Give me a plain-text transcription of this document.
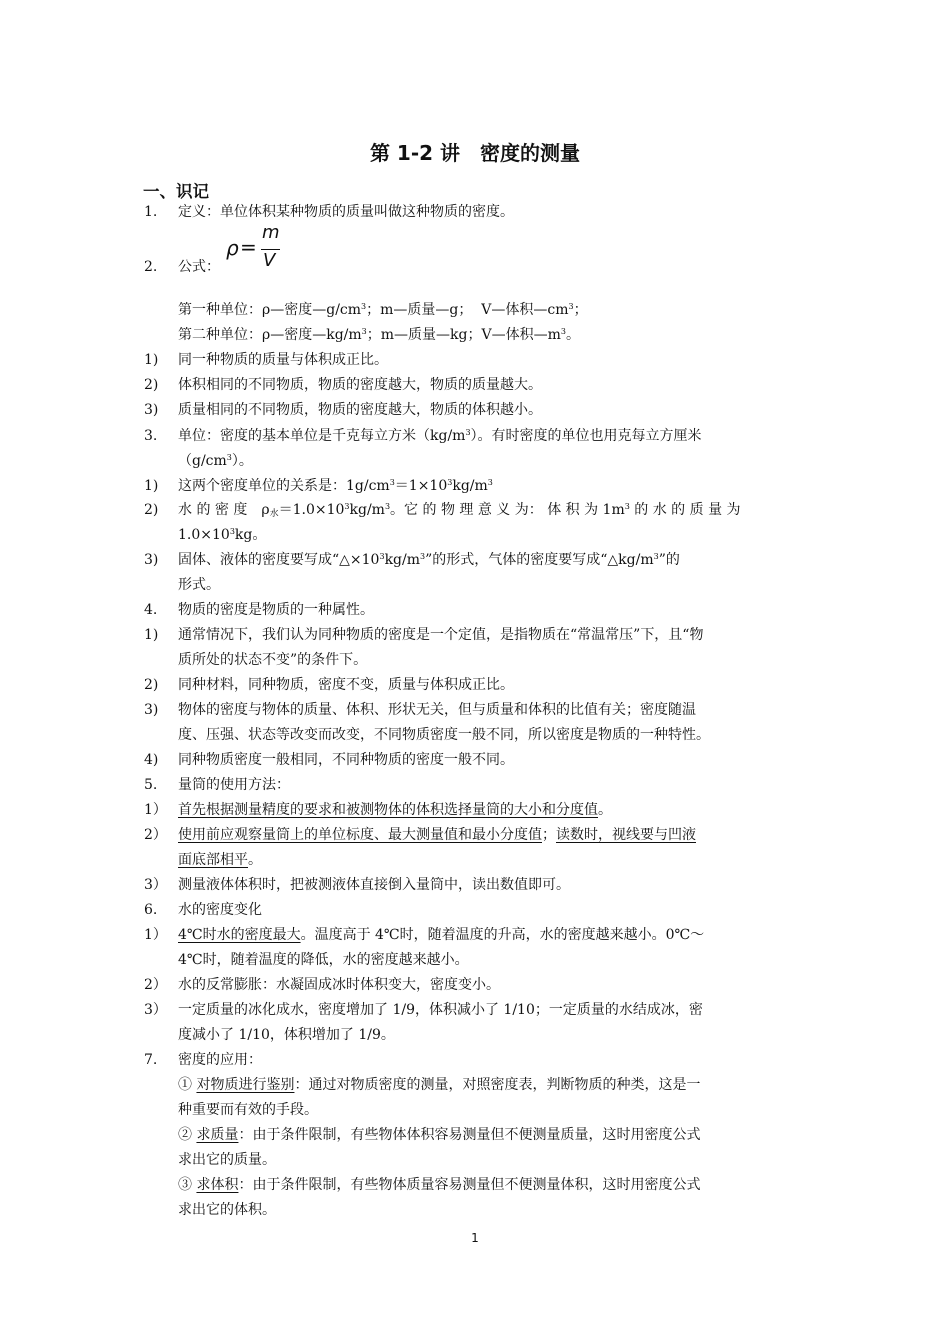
第 1-2 讲　密度的测量
一、识记
1. 定义：单位体积某种物质的质量叫做这种物质的密度。
2. 公式：
ρ =
m
V
第一种单位：ρ—密度$—g/cm^3$；m—质量—g； V—体积$—cm^3$；
第二种单位：ρ—密度$—kg/m^3$；m—质量—kg；V—体积$—m^3$。
1) 同一种物质的质量与体积成正比。
2) 体积相同的不同物质，物质的密度越大，物质的质量越大。
3) 质量相同的不同物质，物质的密度越大，物质的体积越小。
3. 单位：密度的基本单位是千克每立方米$(kg/m^3)$。有时密度的单位也用克每立方厘米
$(g/cm^3)$。
1) 这两个密度单位的关系是：$1g/cm^3=1\times 10^3kg/m^3$
2) 水 的 密 度　$\rho_水=1.0\times 10^3kg/m^3$。它 的 物 理 意 义 为： 体 积 为 $1m^3$ 的 水 的 质 量 为
$1.0\times 10^3kg$。
3) 固体、液体的密度要写成“$\triangle\times 10^3kg/m^3$”的形式，气体的密度要写成“$\triangle kg/m^3$”的
形式。
4. 物质的密度是物质的一种属性。
1) 通常情况下，我们认为同种物质的密度是一个定值，是指物质在“常温常压”下，且“物
质所处的状态不变”的条件下。
2) 同种材料，同种物质，密度不变，质量与体积成正比。
3) 物体的密度与物体的质量、体积、形状无关，但与质量和体积的比值有关；密度随温
度、压强、状态等改变而改变，不同物质密度一般不同，所以密度是物质的一种特性。
4) 同种物质密度一般相同，不同种物质的密度一般不同。
5. 量筒的使用方法：
1） 首先根据测量精度的要求和被测物体的体积选择量筒的大小和分度值。
2） 使用前应观察量筒上的单位标度、最大测量值和最小分度值；读数时，视线要与凹液
面底部相平。
3） 测量液体体积时，把被测液体直接倒入量筒中，读出数值即可。
6. 水的密度变化
1） 4℃时水的密度最大。温度高于 4℃时，随着温度的升高，水的密度越来越小。0℃～
4℃时，随着温度的降低，水的密度越来越小。
2） 水的反常膨胀：水凝固成冰时体积变大，密度变小。
3） 一定质量的冰化成水，密度增加了 1/9，体积减小了 1/10；一定质量的水结成冰，密
度减小了 1/10，体积增加了 1/9。
7. 密度的应用：
① 对物质进行鉴别：通过对物质密度的测量，对照密度表，判断物质的种类，这是一
种重要而有效的手段。
② 求质量：由于条件限制，有些物体体积容易测量但不便测量质量，这时用密度公式
求出它的质量。
③ 求体积：由于条件限制，有些物体质量容易测量但不便测量体积，这时用密度公式
求出它的体积。
1
